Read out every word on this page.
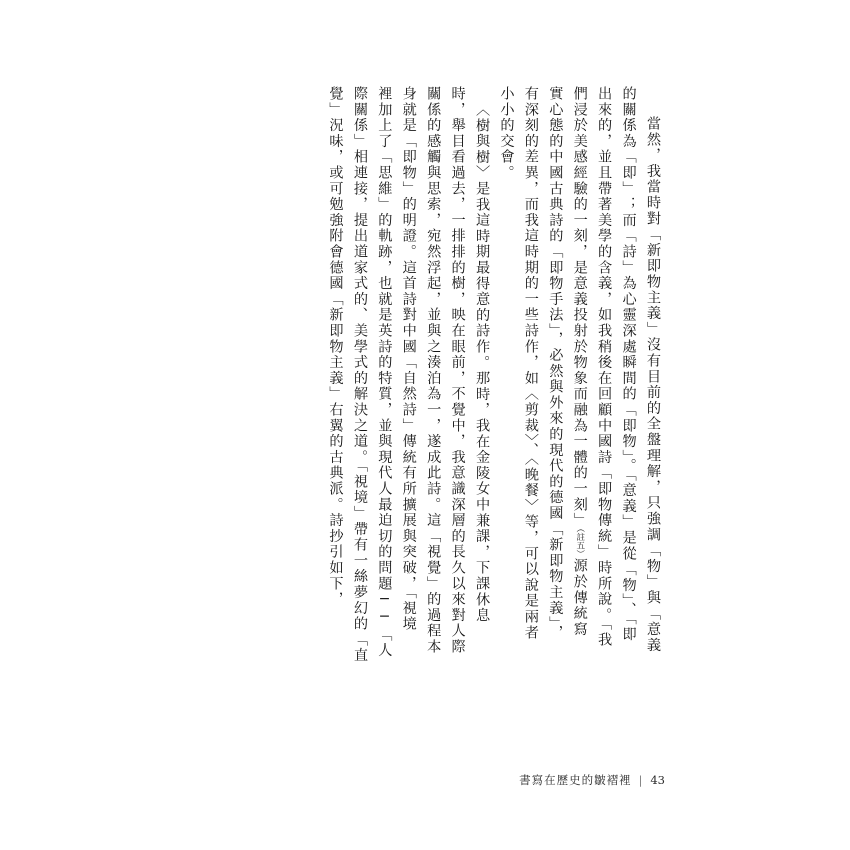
當然，我當時對「新即物主義」沒有目前的全盤理解，只強調「物」與「意義
的關係為「即」；而「詩」為心靈深處瞬間的「即物」。「意義」是從「物」、「即
出來的，並且帶著美學的含義，如我稍後在回顧中國詩「即物傳統」時所說。「我
們浸於美感經驗的一刻，是意義投射於物象而融為一體的一刻」（註五）源於傳統寫
實心態的中國古典詩的「即物手法」，必然與外來的現代的德國「新即物主義」，
有深刻的差異，而我這時期的一些詩作，如〈剪裁〉、〈晚餐〉等，可以說是兩者
小小的交會。
〈樹與樹〉是我這時期最得意的詩作。那時，我在金陵女中兼課，下課休息
時，舉目看過去，一排排的樹，映在眼前，不覺中，我意識深層的長久以來對人際
關係的感觸與思索，宛然浮起，並與之湊泊為一，遂成此詩。這「視覺」的過程本
身就是「即物」的明證。這首詩對中國「自然詩」傳統有所擴展與突破，「視境
裡加上了「思維」的軌跡，也就是英詩的特質，並與現代人最迫切的問題──「人
際關係」相連接，提出道家式的、美學式的解決之道。「視境」帶有一絲夢幻的「直
覺」況味，或可勉強附會德國「新即物主義」右翼的古典派。詩抄引如下，
書寫在歷史的皺褶裡 | 43
